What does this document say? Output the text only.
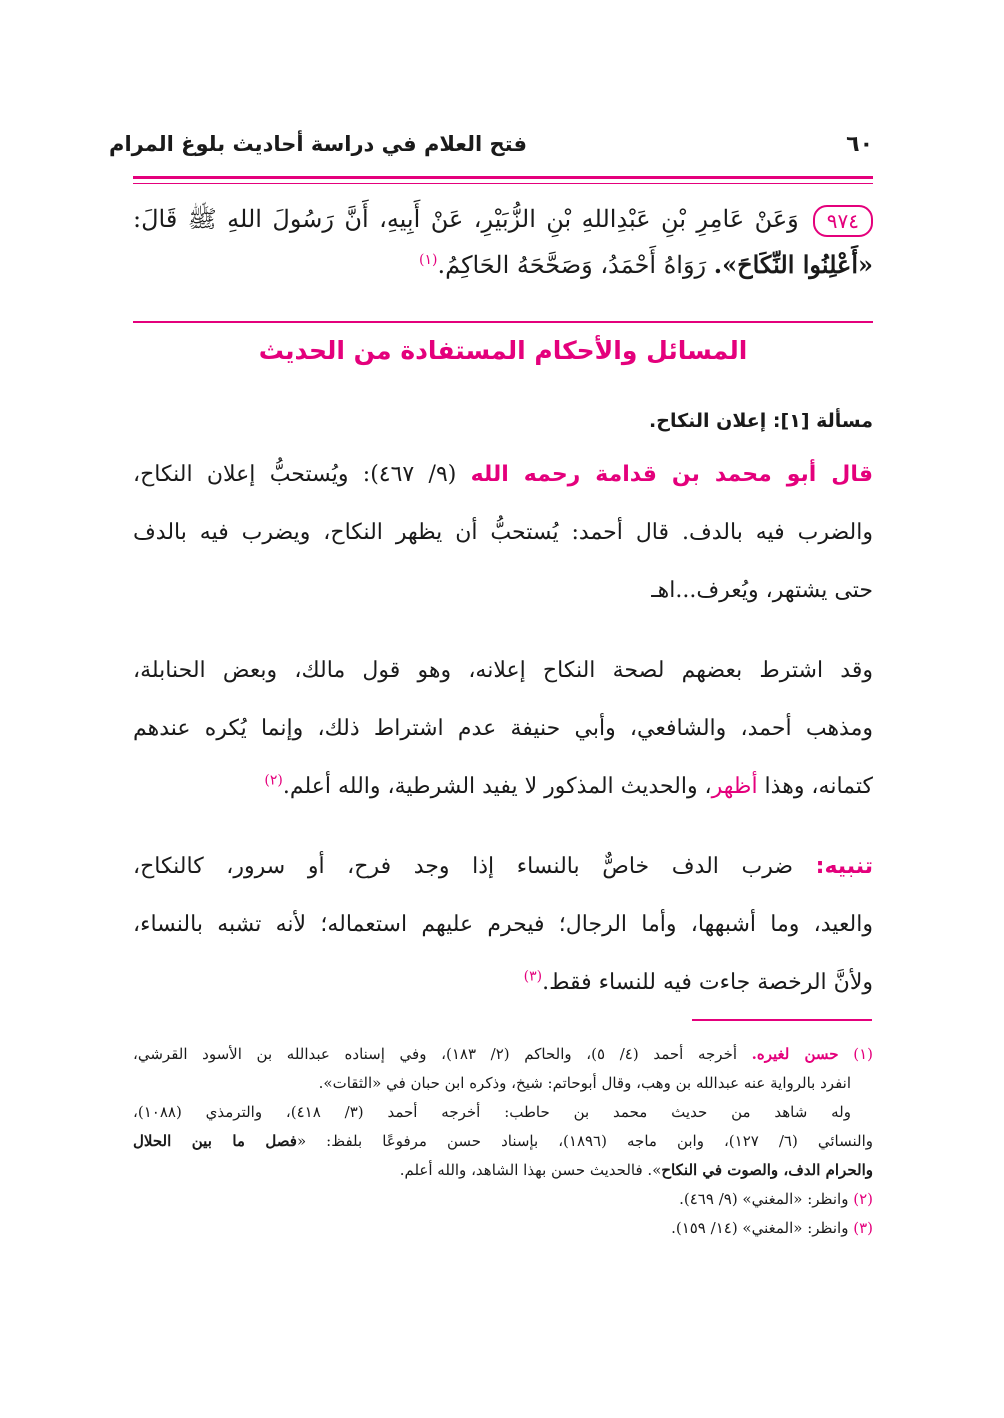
٦٠
فتح العلام في دراسة أحاديث بلوغ المرام
٩٧٤وَعَنْ عَامِرِ بْنِ عَبْدِاللهِ بْنِ الزُّبَيْرِ، عَنْ أَبِيهِ، أَنَّ رَسُولَ اللهِ ﷺ قَالَ:
«أَعْلِنُوا النِّكَاحَ». رَوَاهُ أَحْمَدُ، وَصَحَّحَهُ الحَاكِمُ.$^{(١)}$
المسائل والأحكام المستفادة من الحديث
مسألة [١]: إعلان النكاح.
قال أبو محمد بن قدامة رحمه الله (٩/ ٤٦٧): ويُستحبُّ إعلان النكاح،
والضرب فيه بالدف. قال أحمد: يُستحبُّ أن يظهر النكاح، ويضرب فيه بالدف
حتى يشتهر، ويُعرف...اهـ
وقد اشترط بعضهم لصحة النكاح إعلانه، وهو قول مالك، وبعض الحنابلة،
ومذهب أحمد، والشافعي، وأبي حنيفة عدم اشتراط ذلك، وإنما يُكره عندهم
كتمانه، وهذا أظهر، والحديث المذكور لا يفيد الشرطية، والله أعلم.$^{(٢)}$
تنبيه: ضرب الدف خاصٌّ بالنساء إذا وجد فرح، أو سرور، كالنكاح،
والعيد، وما أشبهها، وأما الرجال؛ فيحرم عليهم استعماله؛ لأنه تشبه بالنساء،
ولأنَّ الرخصة جاءت فيه للنساء فقط.$^{(٣)}$
(١) حسن لغيره. أخرجه أحمد (٤/ ٥)، والحاكم (٢/ ١٨٣)، وفي إسناده عبدالله بن الأسود القرشي،
انفرد بالرواية عنه عبدالله بن وهب، وقال أبوحاتم: شيخ، وذكره ابن حبان في «الثقات».
وله شاهد من حديث محمد بن حاطب: أخرجه أحمد (٣/ ٤١٨)، والترمذي (١٠٨٨)،
والنسائي (٦/ ١٢٧)، وابن ماجه (١٨٩٦)، بإسناد حسن مرفوعًا بلفظ: «فصل ما بين الحلال
والحرام الدف، والصوت في النكاح». فالحديث حسن بهذا الشاهد، والله أعلم.
(٢) وانظر: «المغني» (٩/ ٤٦٩).
(٣) وانظر: «المغني» (١٤/ ١٥٩).
